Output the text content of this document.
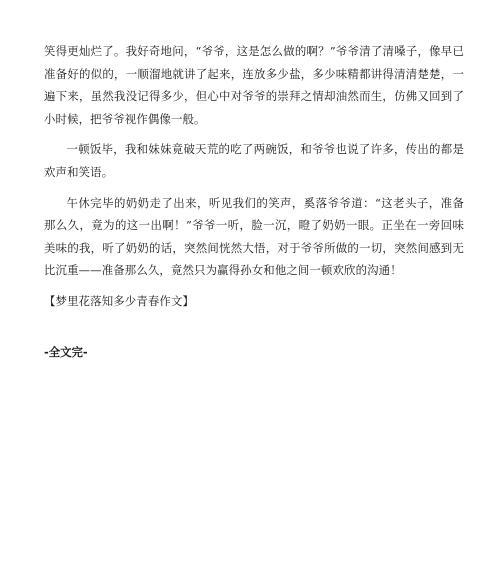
笑得更灿烂了。我好奇地问，“爷爷，这是怎么做的啊？”爷爷清了清嗓子，像早已准备好的似的，一顺溜地就讲了起来，连放多少盐，多少味精都讲得清清楚楚，一遍下来，虽然我没记得多少，但心中对爷爷的崇拜之情却油然而生，仿佛又回到了小时候，把爷爷视作偶像一般。

一顿饭毕，我和妹妹竟破天荒的吃了两碗饭，和爷爷也说了许多，传出的都是欢声和笑语。

午休完毕的奶奶走了出来，听见我们的笑声，奚落爷爷道：“这老头子，准备那么久，竟为的这一出啊！”爷爷一听，脸一沉，瞪了奶奶一眼。正坐在一旁回味美味的我，听了奶奶的话，突然间恍然大悟，对于爷爷所做的一切，突然间感到无比沉重——准备那么久，竟然只为赢得孙女和他之间一顿欢欣的沟通！

【梦里花落知多少青春作文】

-全文完-
